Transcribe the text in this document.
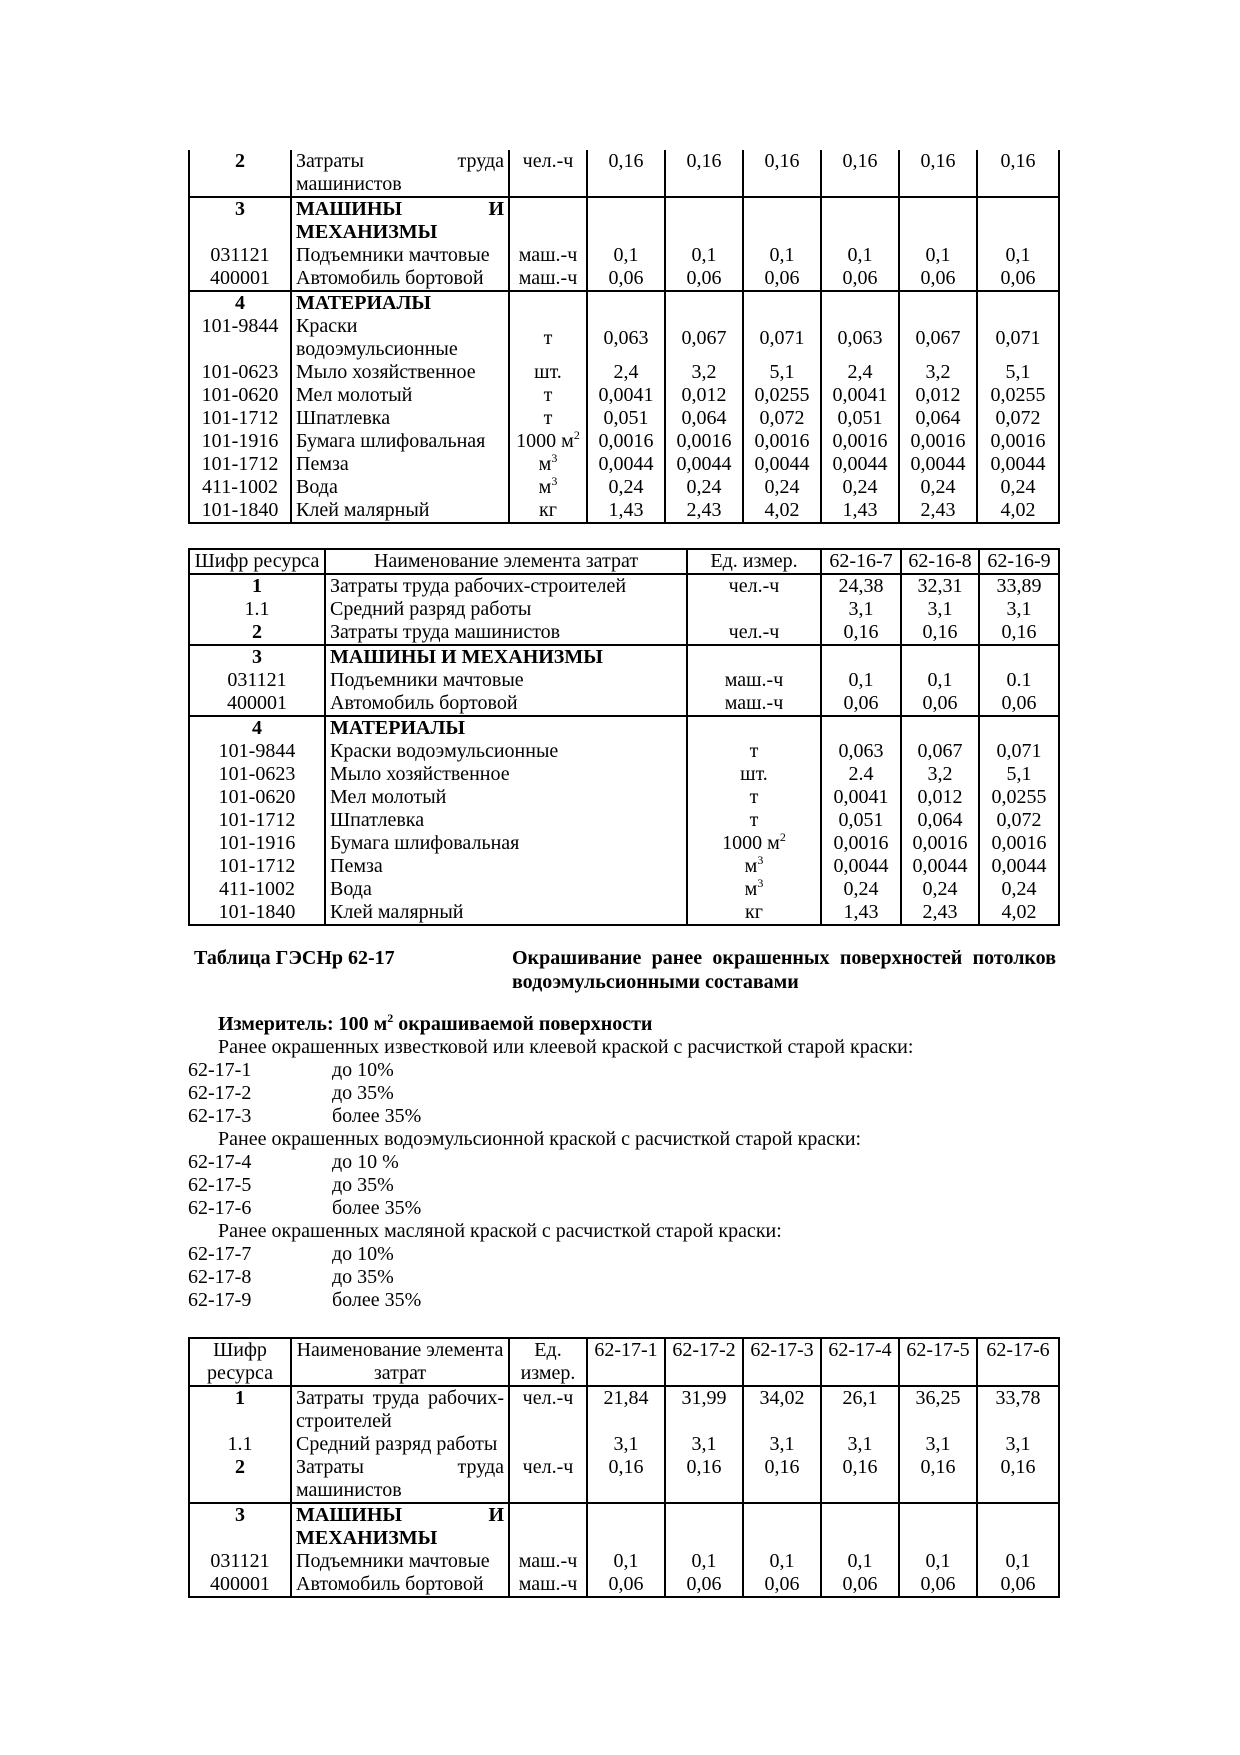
2	Затраты труда машинистов	чел.-ч	0,16	0,16	0,16	0,16	0,16	0,16
3	МАШИНЫ И МЕХАНИЗМЫ							
031121	Подъемники мачтовые	маш.-ч	0,1	0,1	0,1	0,1	0,1	0,1
400001	Автомобиль бортовой	маш.-ч	0,06	0,06	0,06	0,06	0,06	0,06
4	МАТЕРИАЛЫ							
101-9844	Краски водоэмульсионные	т	0,063	0,067	0,071	0,063	0,067	0,071
101-0623	Мыло хозяйственное	шт.	2,4	3,2	5,1	2,4	3,2	5,1
101-0620	Мел молотый	т	0,0041	0,012	0,0255	0,0041	0,012	0,0255
101-1712	Шпатлевка	т	0,051	0,064	0,072	0,051	0,064	0,072
101-1916	Бумага шлифовальная	1000 $м^2$	0,0016	0,0016	0,0016	0,0016	0,0016	0,0016
101-1712	Пемза	$м^3$	0,0044	0,0044	0,0044	0,0044	0,0044	0,0044
411-1002	Вода	$м^3$	0,24	0,24	0,24	0,24	0,24	0,24
101-1840	Клей малярный	кг	1,43	2,43	4,02	1,43	2,43	4,02
Шифр ресурса	Наименование элемента затрат	Ед. измер.	62-16-7	62-16-8	62-16-9
1	Затраты труда рабочих-строителей	чел.-ч	24,38	32,31	33,89
1.1	Средний разряд работы		3,1	3,1	3,1
2	Затраты труда машинистов	чел.-ч	0,16	0,16	0,16
3	МАШИНЫ И МЕХАНИЗМЫ				
031121	Подъемники мачтовые	маш.-ч	0,1	0,1	0.1
400001	Автомобиль бортовой	маш.-ч	0,06	0,06	0,06
4	МАТЕРИАЛЫ				
101-9844	Краски водоэмульсионные	т	0,063	0,067	0,071
101-0623	Мыло хозяйственное	шт.	2.4	3,2	5,1
101-0620	Мел молотый	т	0,0041	0,012	0,0255
101-1712	Шпатлевка	т	0,051	0,064	0,072
101-1916	Бумага шлифовальная	1000 $м^2$	0,0016	0,0016	0,0016
101-1712	Пемза	$м^3$	0,0044	0,0044	0,0044
411-1002	Вода	$м^3$	0,24	0,24	0,24
101-1840	Клей малярный	кг	1,43	2,43	4,02
Таблица ГЭСНр 62-17	Окрашивание ранее окрашенных поверхностей потолков водоэмульсионными составами
Измеритель: 100 $м^2$ окрашиваемой поверхности
Ранее окрашенных известковой или клеевой краской с расчисткой старой краски:
62-17-1	до 10%
62-17-2	до 35%
62-17-3	более 35%
Ранее окрашенных водоэмульсионной краской с расчисткой старой краски:
62-17-4	до 10 %
62-17-5	до 35%
62-17-6	более 35%
Ранее окрашенных масляной краской с расчисткой старой краски:
62-17-7	до 10%
62-17-8	до 35%
62-17-9	более 35%
Шифр ресурса	Наименование элемента затрат	Ед. измер.	62-17-1	62-17-2	62-17-3	62-17-4	62-17-5	62-17-6
1	Затраты труда рабочих-строителей	чел.-ч	21,84	31,99	34,02	26,1	36,25	33,78
1.1	Средний разряд работы		3,1	3,1	3,1	3,1	3,1	3,1
2	Затраты труда машинистов	чел.-ч	0,16	0,16	0,16	0,16	0,16	0,16
3	МАШИНЫ И МЕХАНИЗМЫ							
031121	Подъемники мачтовые	маш.-ч	0,1	0,1	0,1	0,1	0,1	0,1
400001	Автомобиль бортовой	маш.-ч	0,06	0,06	0,06	0,06	0,06	0,06
